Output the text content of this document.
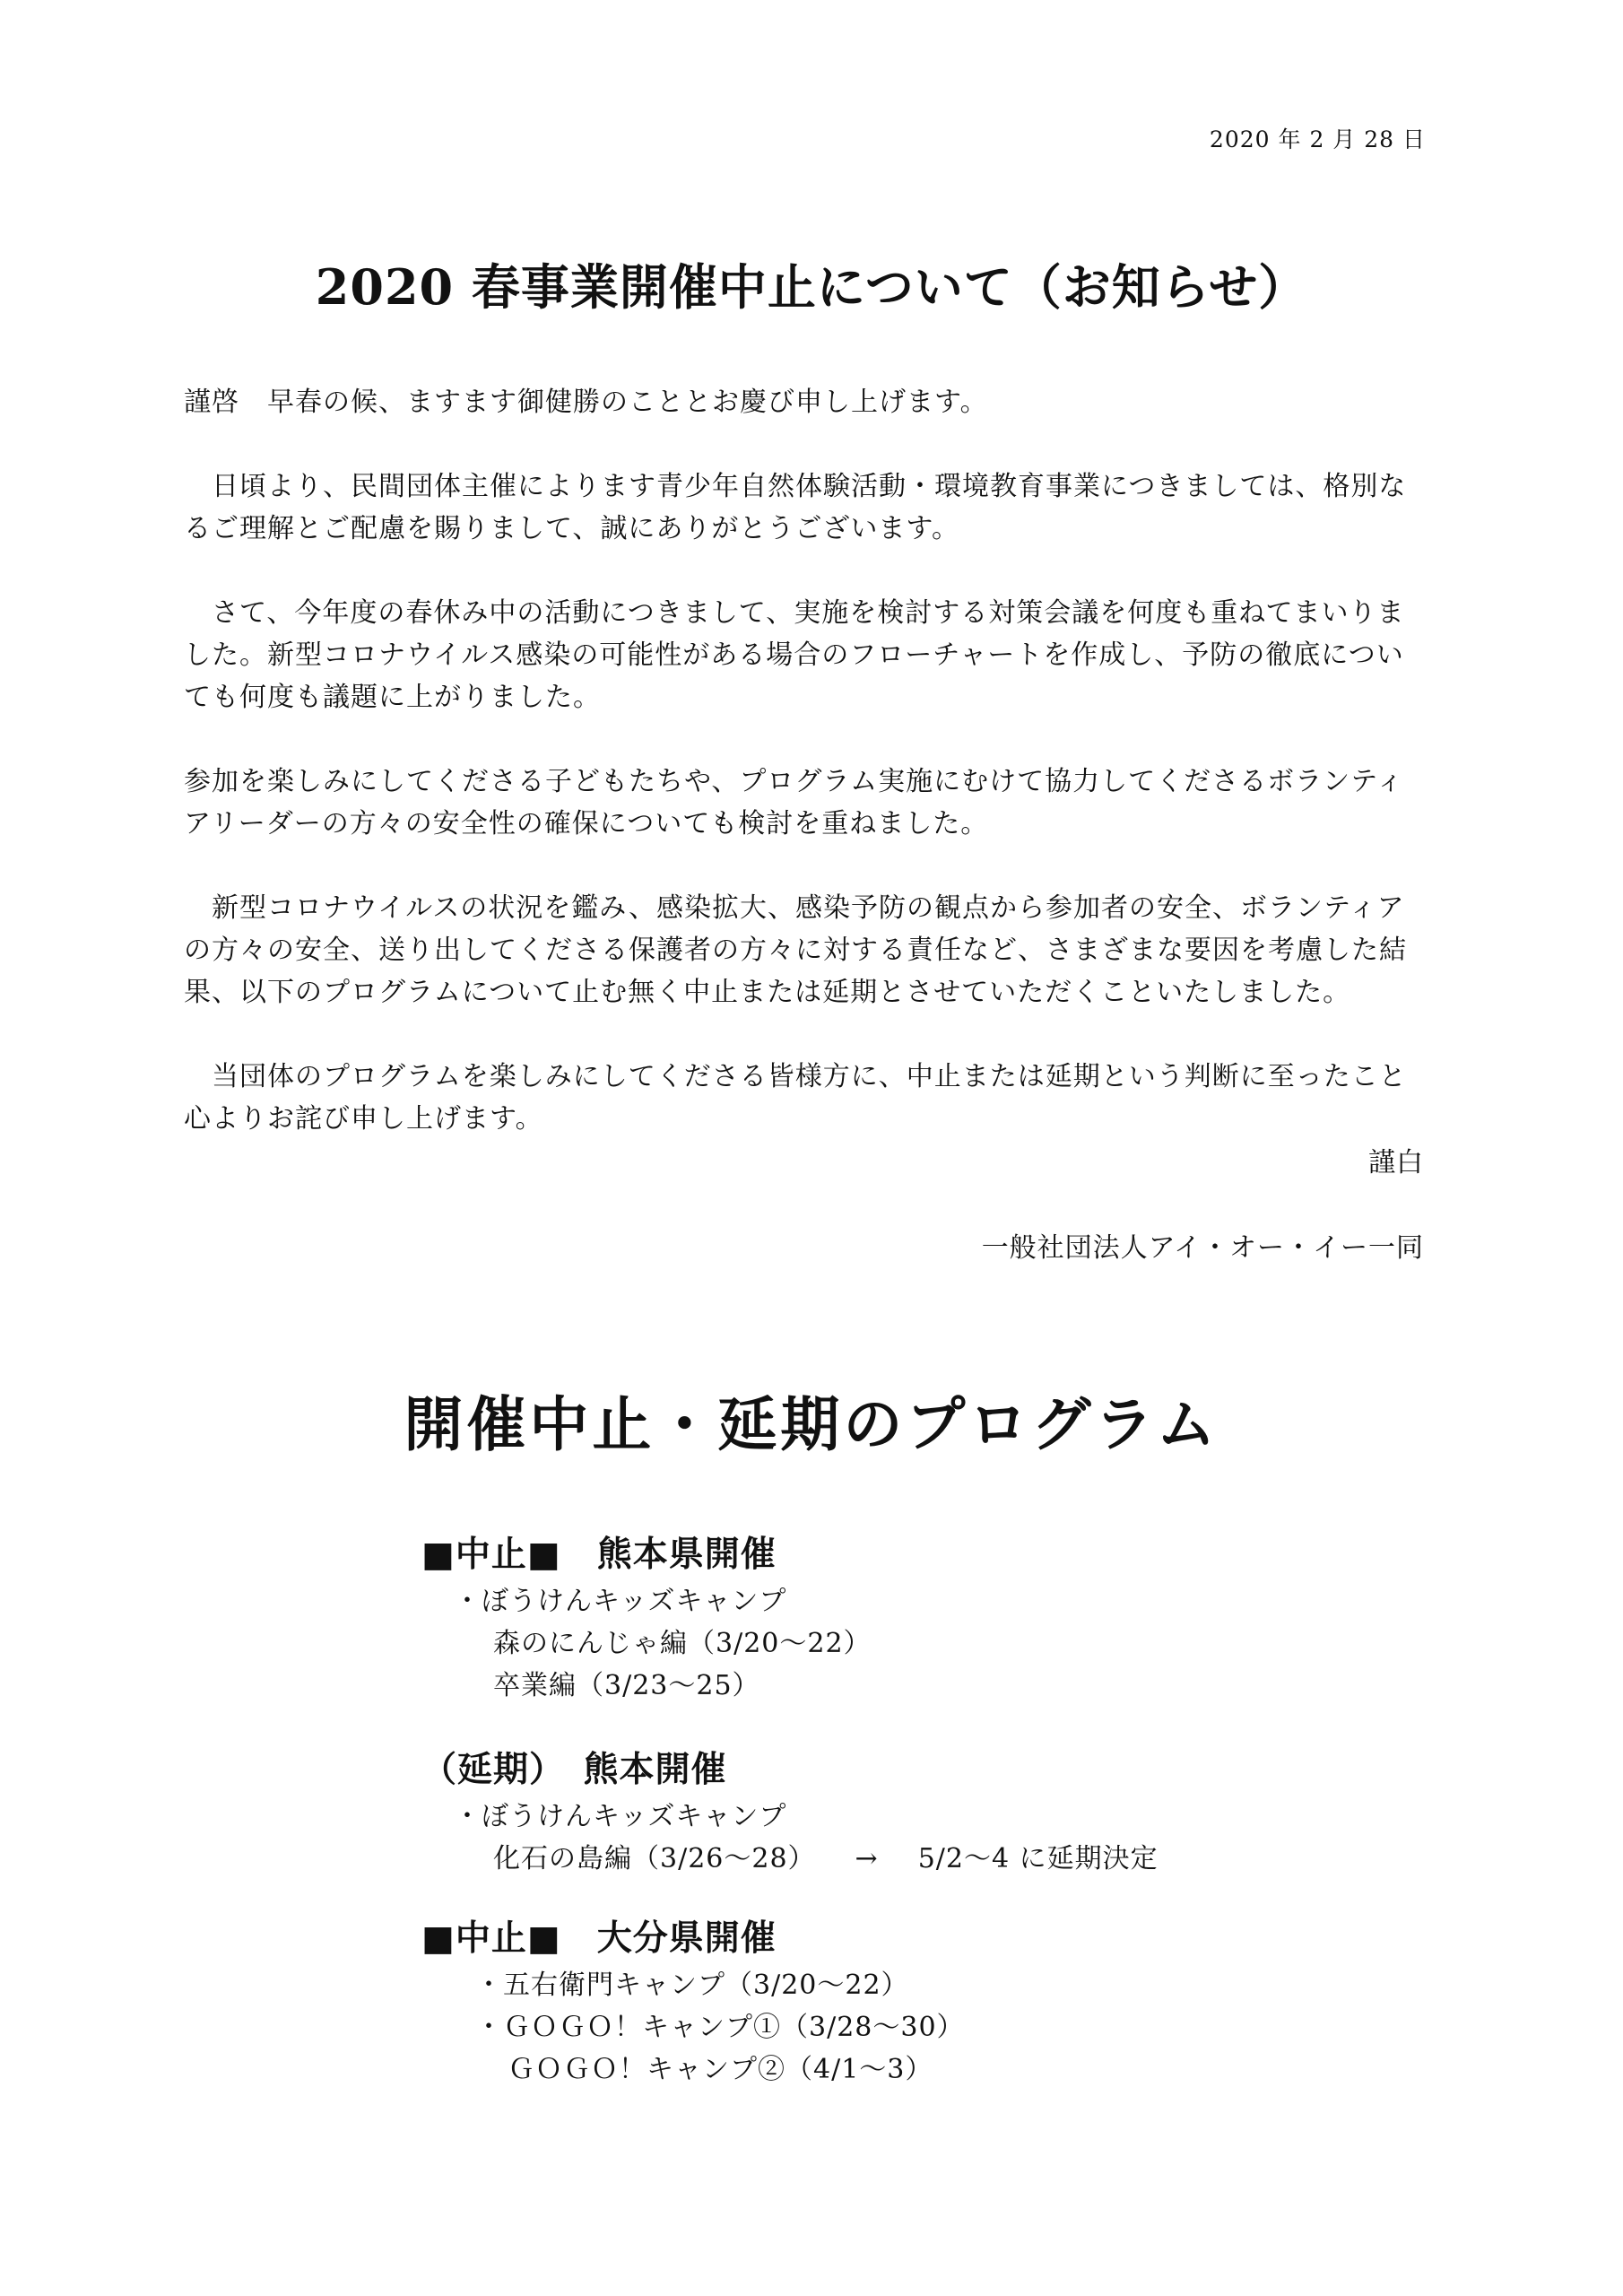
2020 年 2 月 28 日
2020 春事業開催中止について（お知らせ）

謹啓　早春の候、ますます御健勝のこととお慶び申し上げます。

　日頃より、民間団体主催によります青少年自然体験活動・環境教育事業につきましては、格別なるご理解とご配慮を賜りまして、誠にありがとうございます。

　さて、今年度の春休み中の活動につきまして、実施を検討する対策会議を何度も重ねてまいりました。新型コロナウイルス感染の可能性がある場合のフローチャートを作成し、予防の徹底についても何度も議題に上がりました。

参加を楽しみにしてくださる子どもたちや、プログラム実施にむけて協力してくださるボランティアリーダーの方々の安全性の確保についても検討を重ねました。

　新型コロナウイルスの状況を鑑み、感染拡大、感染予防の観点から参加者の安全、ボランティアの方々の安全、送り出してくださる保護者の方々に対する責任など、さまざまな要因を考慮した結果、以下のプログラムについて止む無く中止または延期とさせていただくこといたしました。

　当団体のプログラムを楽しみにしてくださる皆様方に、中止または延期という判断に至ったこと心よりお詫び申し上げます。

謹白
一般社団法人アイ・オー・イー一同
開催中止・延期のプログラム
■中止■　熊本県開催
・ぼうけんキッズキャンプ
森のにんじゃ編（3/20～22）
卒業編（3/23～25）
（延期）　熊本開催
・ぼうけんキッズキャンプ
化石の島編（3/26～28） → 5/2～4 に延期決定
■中止■　大分県開催
・五右衛門キャンプ（3/20～22）
・ＧＯＧＯ！キャンプ①（3/28～30）
ＧＯＧＯ！キャンプ②（4/1～3）
